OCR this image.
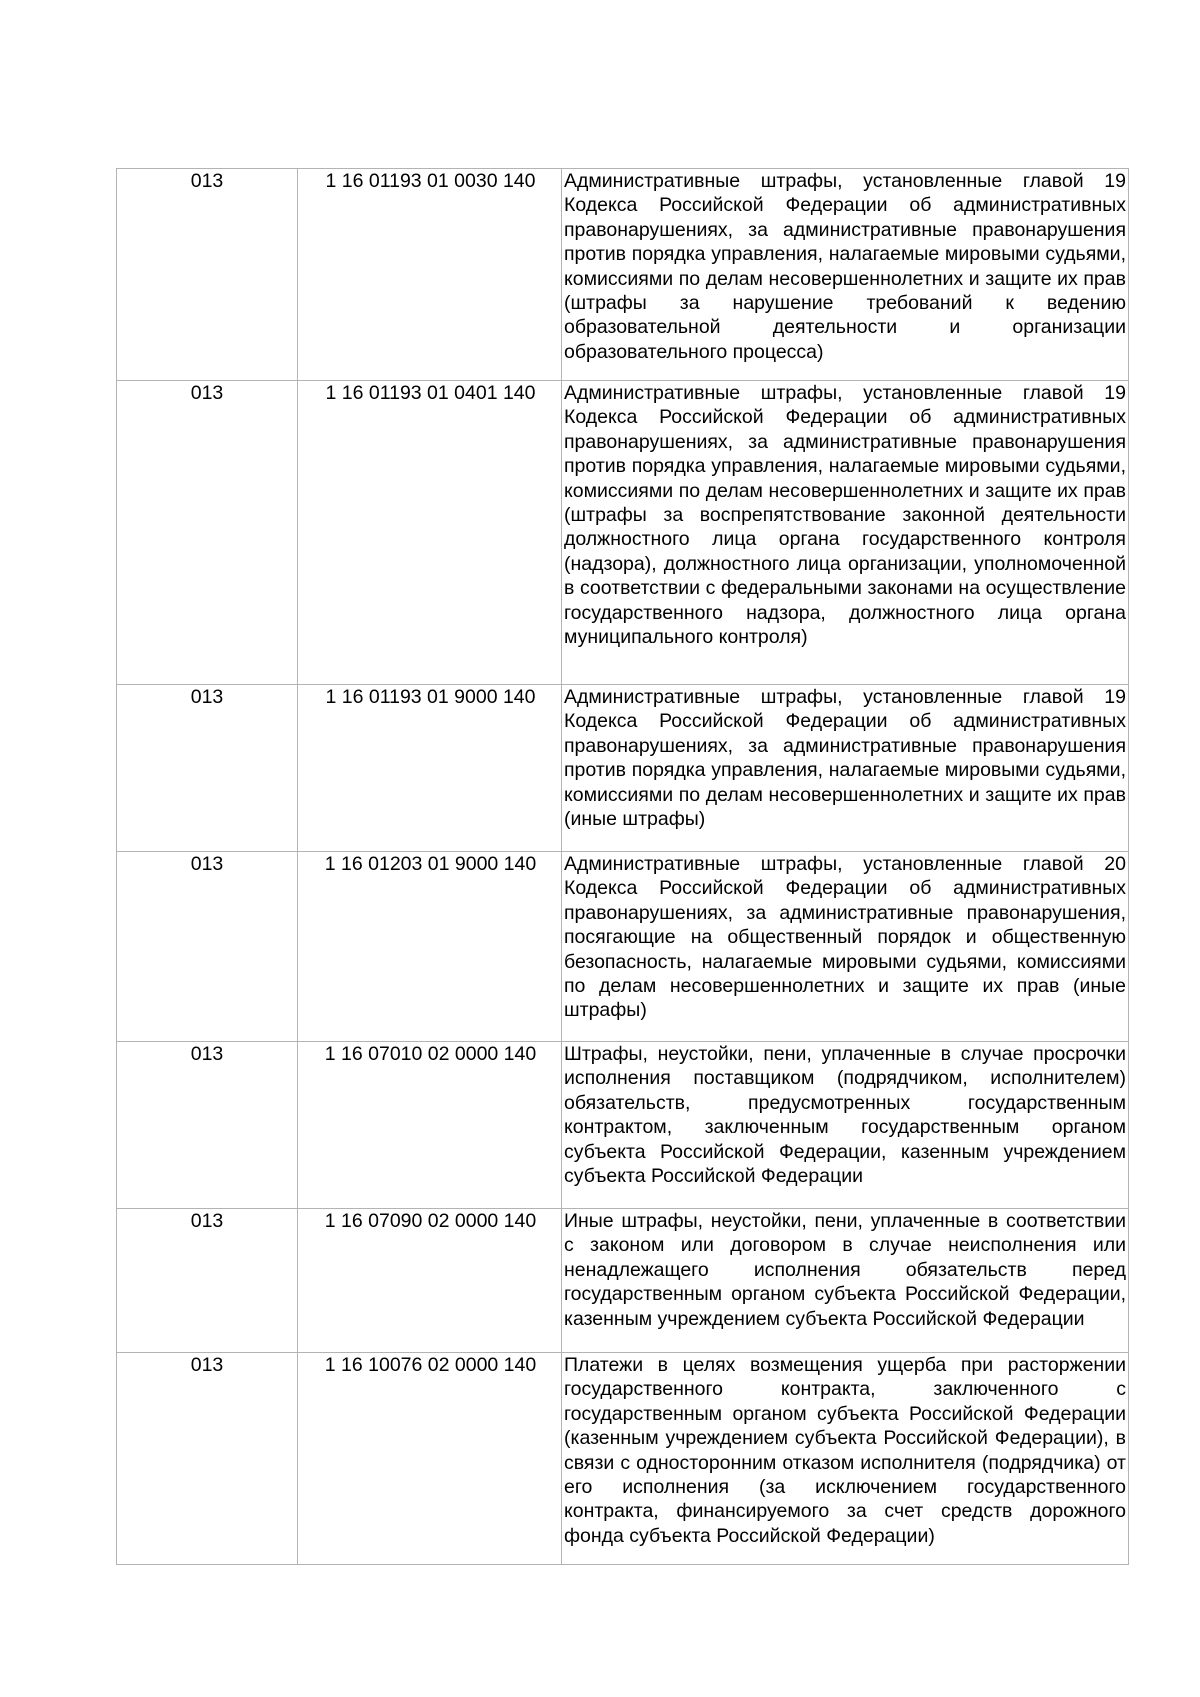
013	1 16 01193 01 0030 140	Административные штрафы, установленные главой 19 Кодекса Российской Федерации об административных правонарушениях, за административные правонарушения против порядка управления, налагаемые мировыми судьями, комиссиями по делам несовершеннолетних и защите их прав (штрафы за нарушение требований к ведению образовательной деятельности и организации образовательного процесса)

013	1 16 01193 01 0401 140	Административные штрафы, установленные главой 19 Кодекса Российской Федерации об административных правонарушениях, за административные правонарушения против порядка управления, налагаемые мировыми судьями, комиссиями по делам несовершеннолетних и защите их прав (штрафы за воспрепятствование законной деятельности должностного лица органа государственного контроля (надзора), должностного лица организации, уполномоченной в соответствии с федеральными законами на осуществление государственного надзора, должностного лица органа муниципального контроля)

013	1 16 01193 01 9000 140	Административные штрафы, установленные главой 19 Кодекса Российской Федерации об административных правонарушениях, за административные правонарушения против порядка управления, налагаемые мировыми судьями, комиссиями по делам несовершеннолетних и защите их прав (иные штрафы)

013	1 16 01203 01 9000 140	Административные штрафы, установленные главой 20 Кодекса Российской Федерации об административных правонарушениях, за административные правонарушения, посягающие на общественный порядок и общественную безопасность, налагаемые мировыми судьями, комиссиями по делам несовершеннолетних и защите их прав (иные штрафы)

013	1 16 07010 02 0000 140	Штрафы, неустойки, пени, уплаченные в случае просрочки исполнения поставщиком (подрядчиком, исполнителем) обязательств, предусмотренных государственным контрактом, заключенным государственным органом субъекта Российской Федерации, казенным учреждением субъекта Российской Федерации

013	1 16 07090 02 0000 140	Иные штрафы, неустойки, пени, уплаченные в соответствии с законом или договором в случае неисполнения или ненадлежащего исполнения обязательств перед государственным органом субъекта Российской Федерации, казенным учреждением субъекта Российской Федерации

013	1 16 10076 02 0000 140	Платежи в целях возмещения ущерба при расторжении государственного контракта, заключенного с государственным органом субъекта Российской Федерации (казенным учреждением субъекта Российской Федерации), в связи с односторонним отказом исполнителя (подрядчика) от его исполнения (за исключением государственного контракта, финансируемого за счет средств дорожного фонда субъекта Российской Федерации)
